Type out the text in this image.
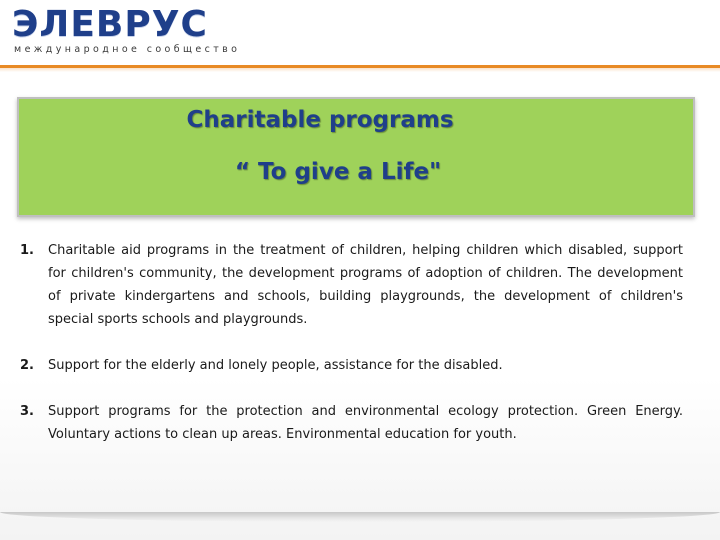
ЭЛЕВРУС
международное сообщество
Charitable programs
“ To give a Life"
1. Charitable aid programs in the treatment of children, helping children which disabled, support for children's community, the development programs of adoption of children. The development of private kindergartens and schools, building playgrounds, the development of children's special sports schools and playgrounds.
2. Support for the elderly and lonely people, assistance for the disabled.
3. Support programs for the protection and environmental ecology protection. Green Energy. Voluntary actions to clean up areas. Environmental education for youth.
